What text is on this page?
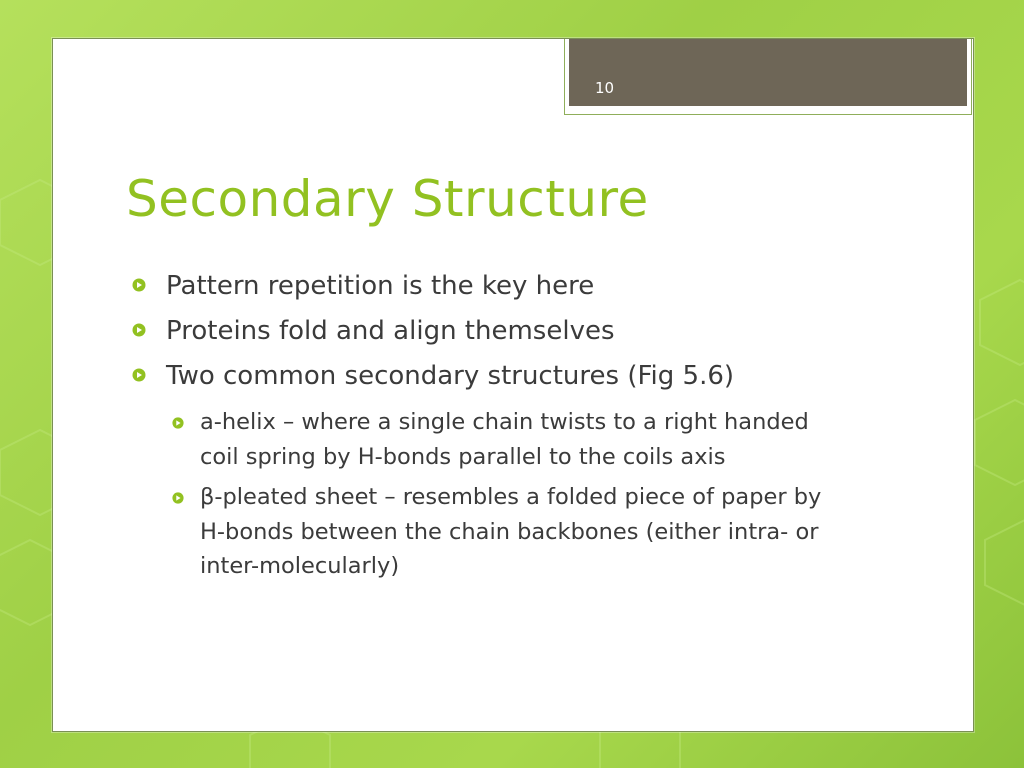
10
Secondary Structure
Pattern repetition is the key here
Proteins fold and align themselves
Two common secondary structures (Fig 5.6)
a-helix – where a single chain twists to a right handed coil spring by H-bonds parallel to the coils axis
β-pleated sheet – resembles a folded piece of paper by H-bonds between the chain backbones (either intra- or inter-molecularly)
